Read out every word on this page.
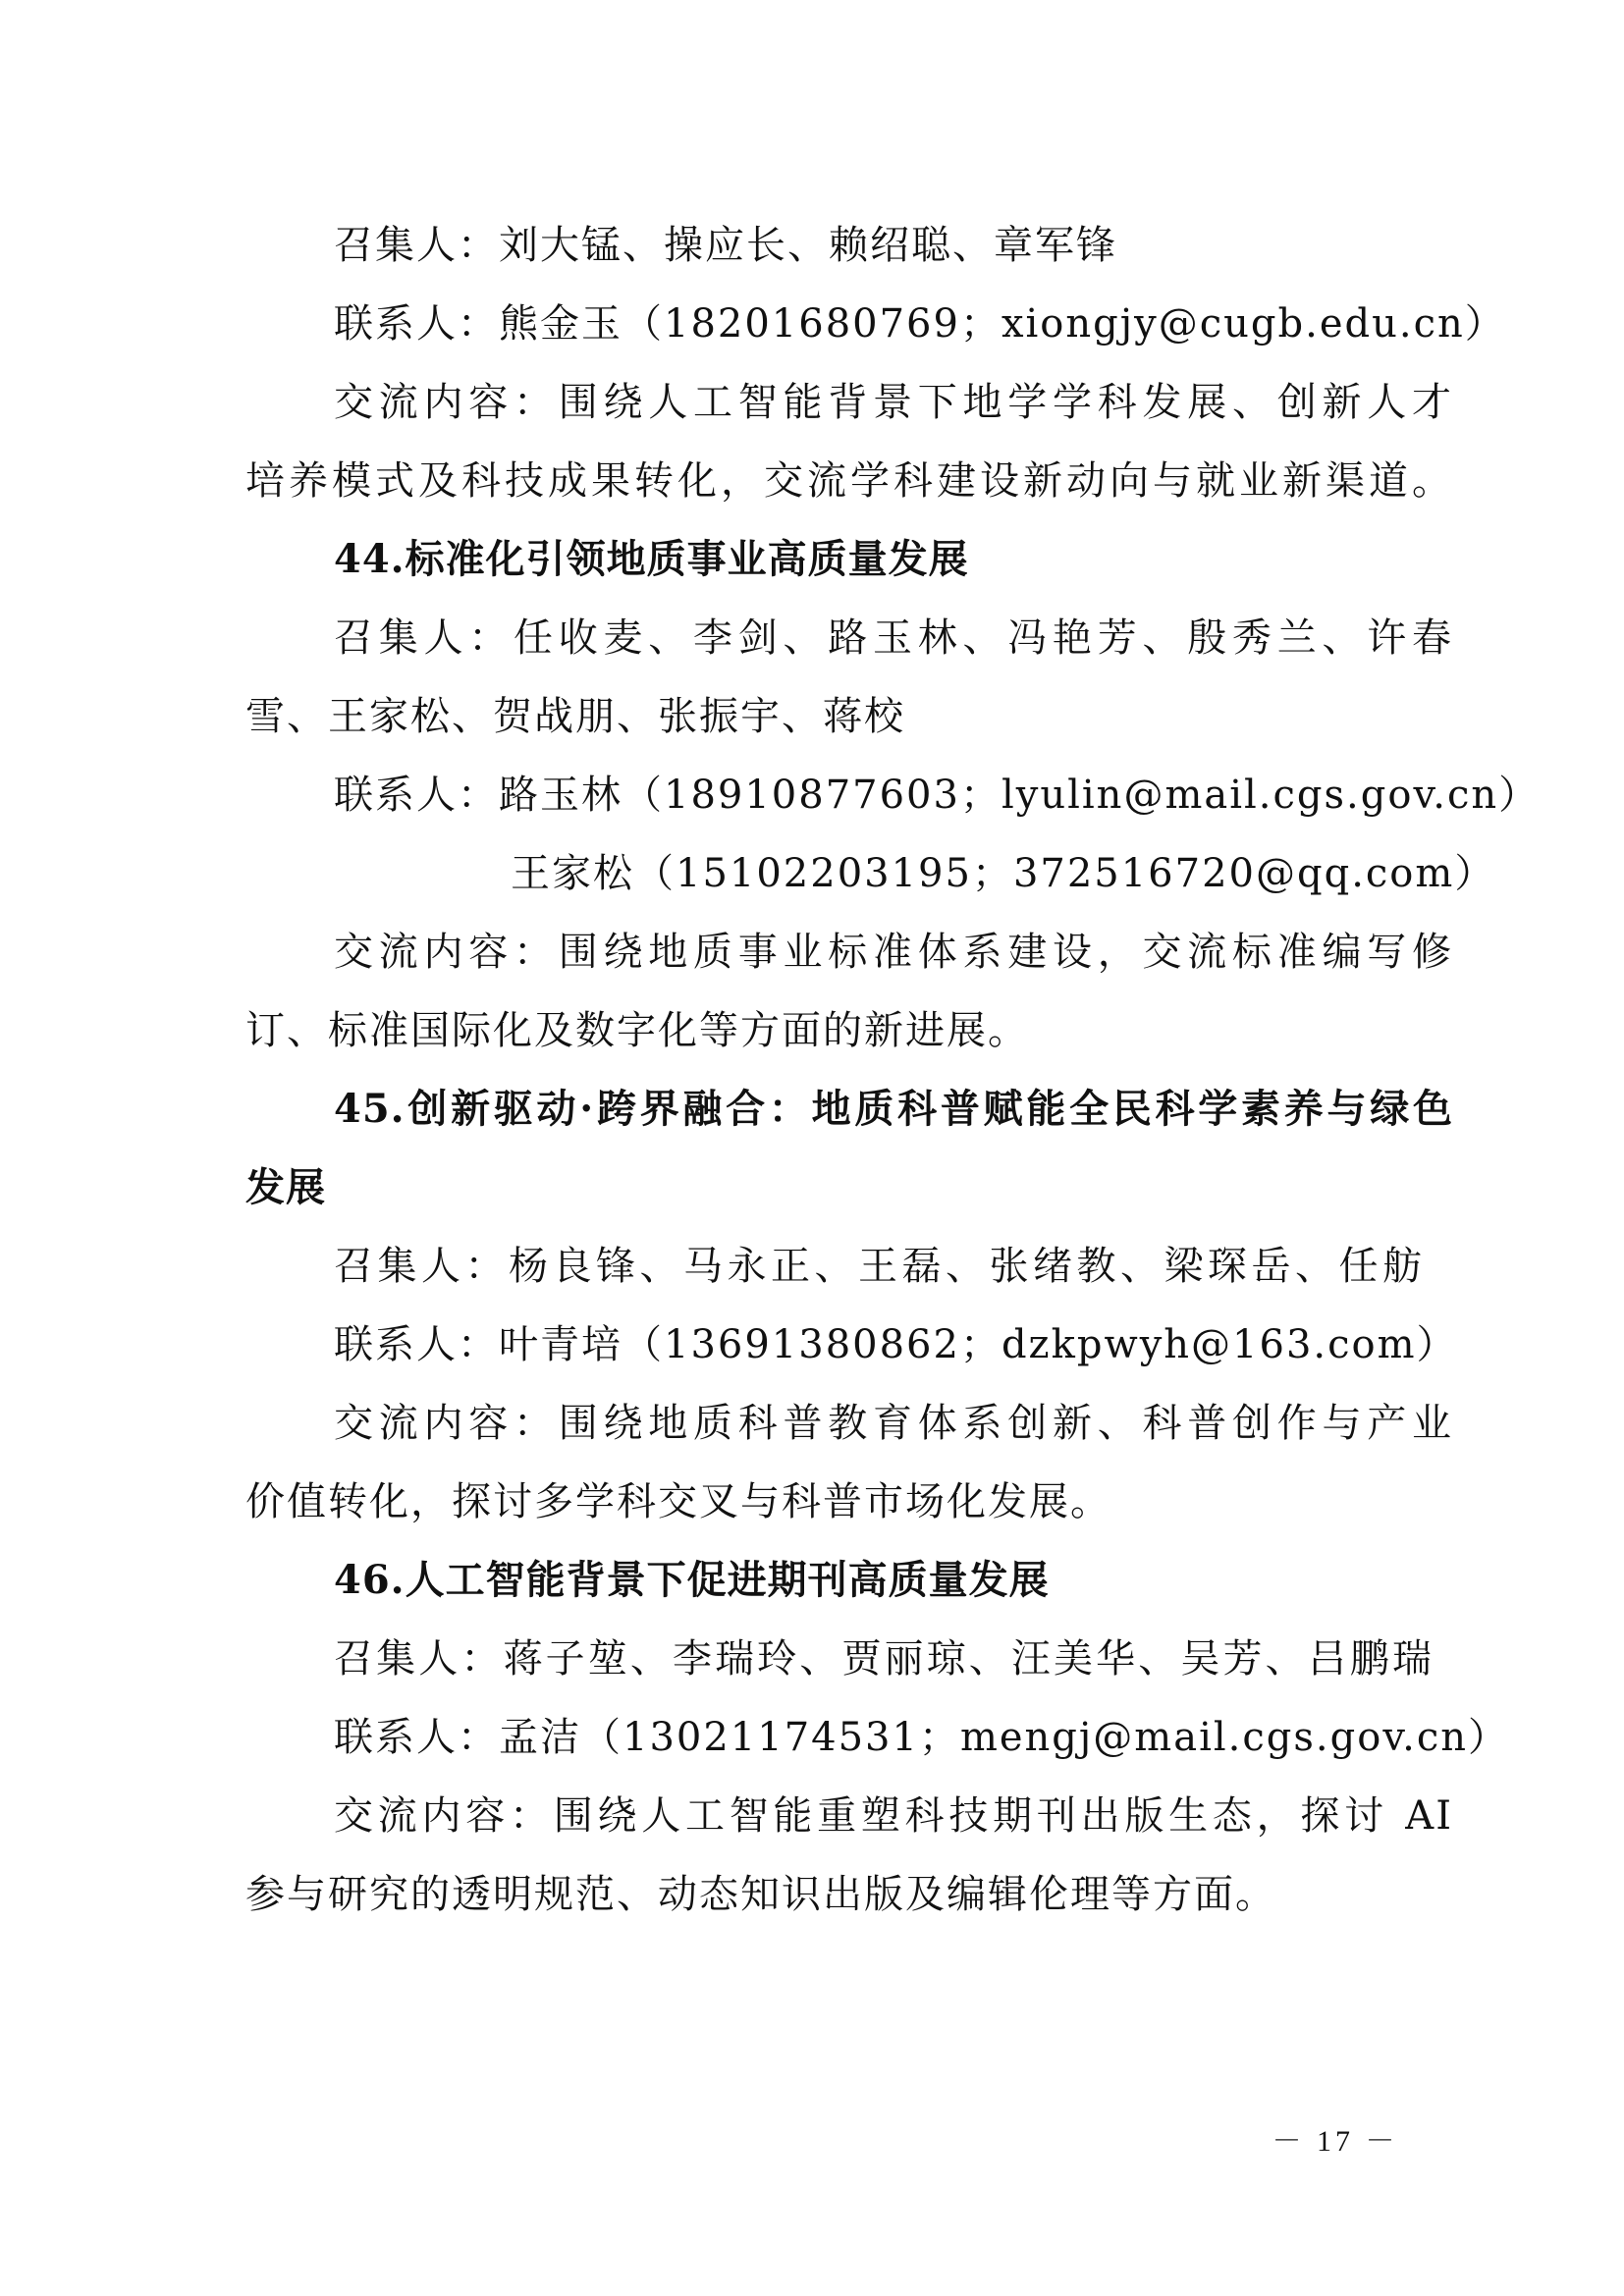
召集人：刘大锰、操应长、赖绍聪、章军锋
联系人：熊金玉（18201680769；xiongjy@cugb.edu.cn）
交流内容：围绕人工智能背景下地学学科发展、创新人才
培养模式及科技成果转化，交流学科建设新动向与就业新渠道。
44.标准化引领地质事业高质量发展
召集人：任收麦、李剑、路玉林、冯艳芳、殷秀兰、许春
雪、王家松、贺战朋、张振宇、蒋校
联系人：路玉林（18910877603；lyulin@mail.cgs.gov.cn）
王家松（15102203195；372516720@qq.com）
交流内容：围绕地质事业标准体系建设，交流标准编写修
订、标准国际化及数字化等方面的新进展。
45.创新驱动·跨界融合：地质科普赋能全民科学素养与绿色
发展
召集人：杨良锋、马永正、王磊、张绪教、梁琛岳、任舫
联系人：叶青培（13691380862；dzkpwyh@163.com）
交流内容：围绕地质科普教育体系创新、科普创作与产业
价值转化，探讨多学科交叉与科普市场化发展。
46.人工智能背景下促进期刊高质量发展
召集人：蒋子堃、李瑞玲、贾丽琼、汪美华、吴芳、吕鹏瑞
联系人：孟洁（13021174531；mengj@mail.cgs.gov.cn）
交流内容：围绕人工智能重塑科技期刊出版生态，探讨 AI
参与研究的透明规范、动态知识出版及编辑伦理等方面。
－ 17 －
